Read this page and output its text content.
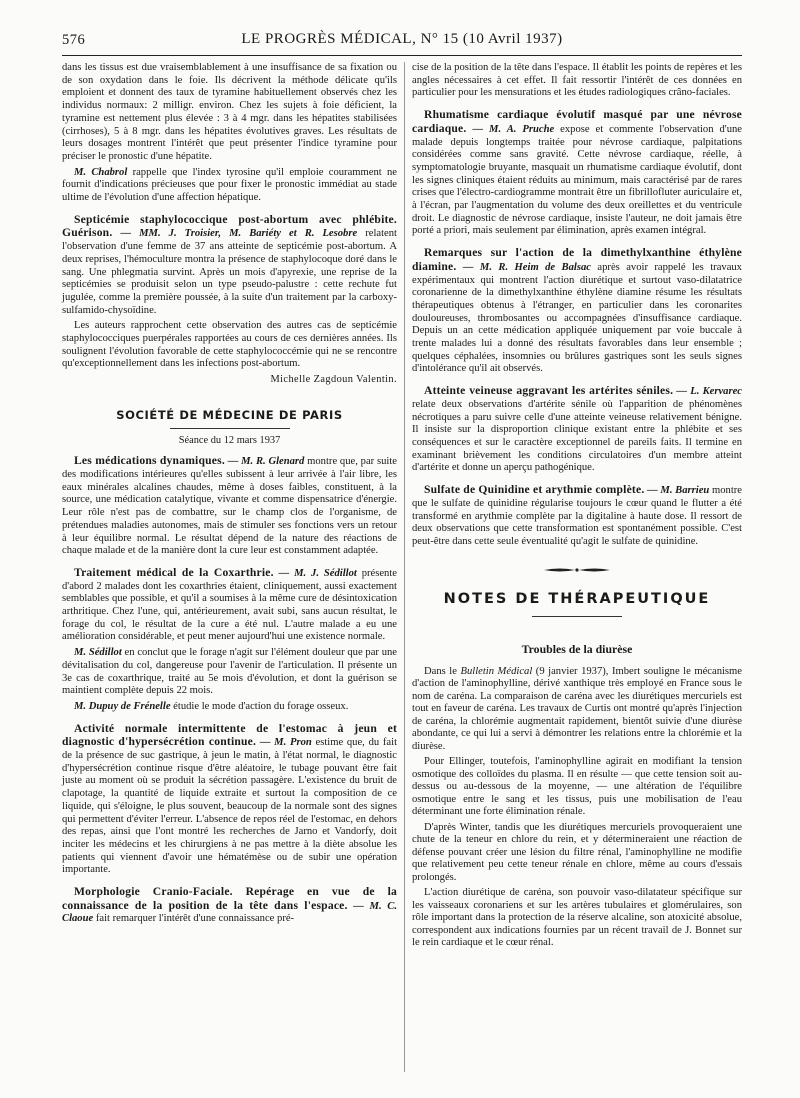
576	LE PROGRÈS MÉDICAL, N° 15 (10 Avril 1937)

dans les tissus est due vraisemblablement à une insuffisance de sa fixation ou de son oxydation dans le foie. Ils décrivent la méthode délicate qu'ils emploient et donnent des taux de tyramine habituellement observés chez les individus normaux: 2 milligr. environ. Chez les sujets à foie déficient, la tyramine est nettement plus élevée : 3 à 4 mgr. dans les hépatites stabilisées (cirrhoses), 5 à 8 mgr. dans les hépatites évolutives graves. Les résultats de leurs dosages montrent l'intérêt que peut présenter l'indice tyramine pour préciser le pronostic d'une hépatite.

M. Chabrol rappelle que l'index tyrosine qu'il emploie couramment ne fournit d'indications précieuses que pour fixer le pronostic immédiat au stade ultime de l'évolution d'une affection hépatique.

Septicémie staphylococcique post-abortum avec phlébite. Guérison. — MM. J. Troisier, M. Bariéty et R. Lesobre relatent l'observation d'une femme de 37 ans atteinte de septicémie post-abortum. A deux reprises, l'hémoculture montra la présence de staphylocoque doré dans le sang. Une phlegmatia survint. Après un mois d'apyrexie, une reprise de la septicémies se produisit selon un type pseudo-palustre : cette rechute fut jugulée, comme la première poussée, à la suite d'un traitement par la carboxy-sulfamido-chysoïdine.

Les auteurs rapprochent cette observation des autres cas de septicémie staphylococciques puerpérales rapportées au cours de ces dernières années. Ils soulignent l'évolution favorable de cette staphylococcémie qui ne se rencontre qu'exceptionnellement dans les infections post-abortum.

Michelle Zagdoun Valentin.

SOCIÉTÉ DE MÉDECINE DE PARIS
Séance du 12 mars 1937

Les médications dynamiques. — M. R. Glenard montre que, par suite des modifications intérieures qu'elles subissent à leur arrivée à l'air libre, les eaux minérales alcalines chaudes, même à doses faibles, constituent, à la source, une médication catalytique, vivante et comme dispensatrice d'énergie. Leur rôle n'est pas de combattre, sur le champ clos de l'organisme, de prétendues maladies autonomes, mais de stimuler ses fonctions vers un retour à leur équilibre normal. Le résultat dépend de la nature des réactions de chaque malade et de la manière dont la cure leur est constamment adaptée.

Traitement médical de la Coxarthrie. — M. J. Sédillot présente d'abord 2 malades dont les coxarthries étaient, cliniquement, aussi exactement semblables que possible, et qu'il a soumises à la même cure de désintoxication arthritique. Chez l'une, qui, antérieurement, avait subi, sans aucun résultat, le forage du col, le résultat de la cure a été nul. L'autre malade a eu une amélioration considérable, et peut mener aujourd'hui une existence normale.

M. Sédillot en conclut que le forage n'agit sur l'élément douleur que par une dévitalisation du col, dangereuse pour l'avenir de l'articulation. Il présente un 3e cas de coxarthrique, traité au 5e mois d'évolution, et dont la guérison se maintient complète depuis 22 mois.

M. Dupuy de Frénelle étudie le mode d'action du forage osseux.

Activité normale intermittente de l'estomac à jeun et diagnostic d'hypersécrétion continue. — M. Pron estime que, du fait de la présence de suc gastrique, à jeun le matin, à l'état normal, le diagnostic d'hypersécrétion continue risque d'être aléatoire, le tubage pouvant être fait juste au moment où se produit la sécrétion passagère. L'existence du bruit de clapotage, la quantité de liquide extraite et surtout la composition de ce liquide, qui s'éloigne, le plus souvent, beaucoup de la normale sont des signes qui permettent d'éviter l'erreur. L'absence de repos réel de l'estomac, en dehors des repas, ainsi que l'ont montré les recherches de Jarno et Vandorfy, doit inciter les médecins et les chirurgiens à ne pas mettre à la diète absolue les patients qui viennent d'avoir une hématémèse ou de subir une opération importante.

Morphologie Cranio-Faciale. Repérage en vue de la connaissance de la position de la tête dans l'espace. — M. C. Claoue fait remarquer l'intérêt d'une connaissance pré-

cise de la position de la tête dans l'espace. Il établit les points de repères et les angles nécessaires à cet effet. Il fait ressortir l'intérêt de ces données en particulier pour les mensurations et les études radiologiques crâno-faciales.

Rhumatisme cardiaque évolutif masqué par une névrose cardiaque. — M. A. Pruche expose et commente l'observation d'une malade depuis longtemps traitée pour névrose cardiaque, palpitations considérées comme sans gravité. Cette névrose cardiaque, réelle, à symptomatologie bruyante, masquait un rhumatisme cardiaque évolutif, dont les signes cliniques étaient réduits au minimum, mais caractérisé par de rares crises que l'électro-cardiogramme montrait être un fibrillofluter auriculaire et, à l'écran, par l'augmentation du volume des deux oreillettes et du ventricule droit. Le diagnostic de névrose cardiaque, insiste l'auteur, ne doit jamais être porté a priori, mais seulement par élimination, après examen intégral.

Remarques sur l'action de la dimethylxanthine éthylène diamine. — M. R. Heim de Balsac après avoir rappelé les travaux expérimentaux qui montrent l'action diurétique et surtout vaso-dilatatrice coronarienne de la dimethylxanthine éthylène diamine résume les résultats thérapeutiques obtenus à l'étranger, en particulier dans les coronarites douloureuses, thrombosantes ou accompagnées d'insuffisance cardiaque. Depuis un an cette médication appliquée uniquement par voie buccale à trente malades lui a donné des résultats favorables dans leur ensemble ; quelques céphalées, insomnies ou brûlures gastriques sont les seuls signes d'intolérance qu'il ait observés.

Atteinte veineuse aggravant les artérites séniles. — L. Kervarec relate deux observations d'artérite sénile où l'apparition de phénomènes nécrotiques a paru suivre celle d'une atteinte veineuse relativement bénigne. Il insiste sur la disproportion clinique existant entre la phlébite et ses conséquences et sur le caractère exceptionnel de pareils faits. Il termine en examinant brièvement les conditions circulatoires d'un membre atteint d'artérite et donne un aperçu pathogénique.

Sulfate de Quinidine et arythmie complète. — M. Barrieu montre que le sulfate de quinidine régularise toujours le cœur quand le flutter a été transformé en arythmie complète par la digitaline à haute dose. Il ressort de deux observations que cette transformation est spontanément possible. C'est peut-être dans cette seule éventualité qu'agit le sulfate de quinidine.

NOTES DE THÉRAPEUTIQUE
Troubles de la diurèse

Dans le Bulletin Médical (9 janvier 1937), Imbert souligne le mécanisme d'action de l'aminophylline, dérivé xanthique très employé en France sous le nom de caréna. La comparaison de caréna avec les diurétiques mercuriels est tout en faveur de caréna. Les travaux de Curtis ont montré qu'après l'injection de caréna, la chlorémie augmentait rapidement, bientôt suivie d'une diurèse abondante, ce qui lui a servi à démontrer les relations entre la chlorémie et la diurèse.

Pour Ellinger, toutefois, l'aminophylline agirait en modifiant la tension osmotique des colloïdes du plasma. Il en résulte — que cette tension soit au-dessus ou au-dessous de la moyenne, — une altération de l'équilibre osmotique entre le sang et les tissus, puis une mobilisation de l'eau déterminant une forte élimination rénale.

D'après Winter, tandis que les diurétiques mercuriels provoqueraient une chute de la teneur en chlore du rein, et y détermineraient une réaction de défense pouvant créer une lésion du filtre rénal, l'aminophylline ne modifie que relativement peu cette teneur rénale en chlore, même au cours d'essais prolongés.

L'action diurétique de caréna, son pouvoir vaso-dilatateur spécifique sur les vaisseaux coronariens et sur les artères tubulaires et glomérulaires, son rôle important dans la protection de la réserve alcaline, son atoxicité absolue, correspondent aux indications fournies par un récent travail de J. Bonnet sur le rein cardiaque et le cœur rénal.
